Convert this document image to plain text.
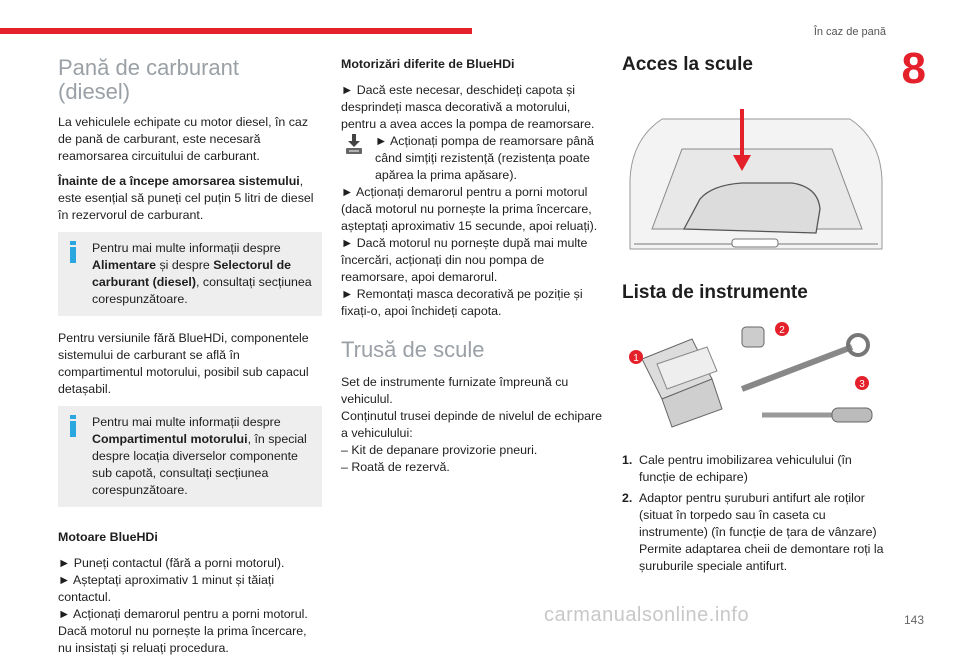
În caz de pană
8
Pană de carburant
(diesel)

La vehiculele echipate cu motor diesel, în caz de pană de carburant, este necesară reamorsarea circuitului de carburant.

Înainte de a începe amorsarea sistemului, este esențial să puneți cel puțin 5 litri de diesel în rezervorul de carburant.

Pentru mai multe informații despre Alimentare și despre Selectorul de carburant (diesel), consultați secțiunea corespunzătoare.

Pentru versiunile fără BlueHDi, componentele sistemului de carburant se află în compartimentul motorului, posibil sub capacul detașabil.

Pentru mai multe informații despre Compartimentul motorului, în special despre locația diverselor componente sub capotă, consultați secțiunea corespunzătoare.
Motoare BlueHDi

► Puneți contactul (fără a porni motorul).

► Așteptați aproximativ 1 minut și tăiați contactul.

► Acționați demarorul pentru a porni motorul. Dacă motorul nu pornește la prima încercare, nu insistați și reluați procedura.

Motorizări diferite de BlueHDi

► Dacă este necesar, deschideți capota și desprindeți masca decorativă a motorului, pentru a avea acces la pompa de reamorsare.

► Acționați pompa de reamorsare până când simțiți rezistență (rezistența poate apărea la prima apăsare).

► Acționați demarorul pentru a porni motorul (dacă motorul nu pornește la prima încercare, așteptați aproximativ 15 secunde, apoi reluați).

► Dacă motorul nu pornește după mai multe încercări, acționați din nou pompa de reamorsare, apoi demarorul.

► Remontați masca decorativă pe poziție și fixați-o, apoi închideți capota.

Trusă de scule

Set de instrumente furnizate împreună cu vehiculul.

Conținutul trusei depinde de nivelul de echipare a vehiculului:

– Kit de depanare provizorie pneuri.

– Roată de rezervă.

Acces la scule
Lista de instrumente
1
2
3
1. Cale pentru imobilizarea vehiculului (în funcție de echipare)
2. Adaptor pentru șuruburi antifurt ale roților (situat în torpedo sau în caseta cu instrumente) (în funcție de țara de vânzare) Permite adaptarea cheii de demontare roți la șuruburile speciale antifurt.
143
carmanualsonline.info
